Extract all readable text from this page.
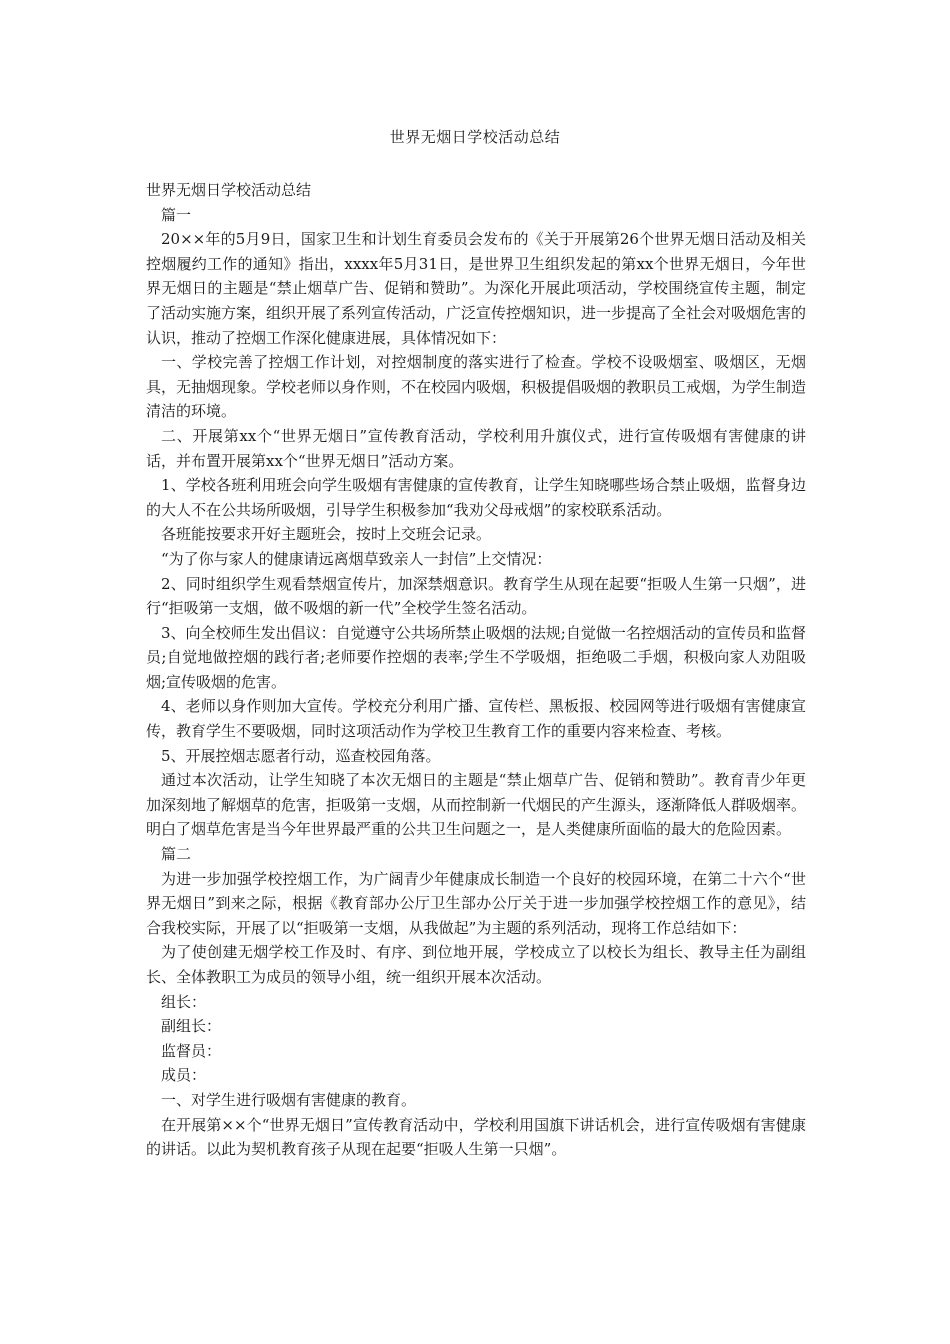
世界无烟日学校活动总结

世界无烟日学校活动总结

篇一

20××年的5月9日，国家卫生和计划生育委员会发布的《关于开展第26个世界无烟日活动及相关控烟履约工作的通知》指出，xxxx年5月31日，是世界卫生组织发起的第xx个世界无烟日，今年世界无烟日的主题是“禁止烟草广告、促销和赞助”。为深化开展此项活动，学校围绕宣传主题，制定了活动实施方案，组织开展了系列宣传活动，广泛宣传控烟知识，进一步提高了全社会对吸烟危害的认识，推动了控烟工作深化健康进展，具体情况如下：

一、学校完善了控烟工作计划，对控烟制度的落实进行了检查。学校不设吸烟室、吸烟区，无烟具，无抽烟现象。学校老师以身作则，不在校园内吸烟，积极提倡吸烟的教职员工戒烟，为学生制造清洁的环境。

二、开展第xx个“世界无烟日”宣传教育活动，学校利用升旗仪式，进行宣传吸烟有害健康的讲话，并布置开展第xx个“世界无烟日”活动方案。

1、学校各班利用班会向学生吸烟有害健康的宣传教育，让学生知晓哪些场合禁止吸烟，监督身边的大人不在公共场所吸烟，引导学生积极参加“我劝父母戒烟”的家校联系活动。

各班能按要求开好主题班会，按时上交班会记录。

“为了你与家人的健康请远离烟草致亲人一封信”上交情况：

2、同时组织学生观看禁烟宣传片，加深禁烟意识。教育学生从现在起要“拒吸人生第一只烟”，进行“拒吸第一支烟，做不吸烟的新一代”全校学生签名活动。

3、向全校师生发出倡议：自觉遵守公共场所禁止吸烟的法规;自觉做一名控烟活动的宣传员和监督员;自觉地做控烟的践行者;老师要作控烟的表率;学生不学吸烟，拒绝吸二手烟，积极向家人劝阻吸烟;宣传吸烟的危害。

4、老师以身作则加大宣传。学校充分利用广播、宣传栏、黑板报、校园网等进行吸烟有害健康宣传，教育学生不要吸烟，同时这项活动作为学校卫生教育工作的重要内容来检查、考核。

5、开展控烟志愿者行动，巡查校园角落。

通过本次活动，让学生知晓了本次无烟日的主题是“禁止烟草广告、促销和赞助”。教育青少年更加深刻地了解烟草的危害，拒吸第一支烟，从而控制新一代烟民的产生源头，逐渐降低人群吸烟率。明白了烟草危害是当今年世界最严重的公共卫生问题之一，是人类健康所面临的最大的危险因素。

篇二

为进一步加强学校控烟工作，为广阔青少年健康成长制造一个良好的校园环境，在第二十六个“世界无烟日”到来之际，根据《教育部办公厅卫生部办公厅关于进一步加强学校控烟工作的意见》，结合我校实际，开展了以“拒吸第一支烟，从我做起”为主题的系列活动，现将工作总结如下：

为了使创建无烟学校工作及时、有序、到位地开展，学校成立了以校长为组长、教导主任为副组长、全体教职工为成员的领导小组，统一组织开展本次活动。

组长：

副组长：

监督员：

成员：

一、对学生进行吸烟有害健康的教育。

在开展第××个“世界无烟日”宣传教育活动中，学校利用国旗下讲话机会，进行宣传吸烟有害健康的讲话。以此为契机教育孩子从现在起要“拒吸人生第一只烟”。
